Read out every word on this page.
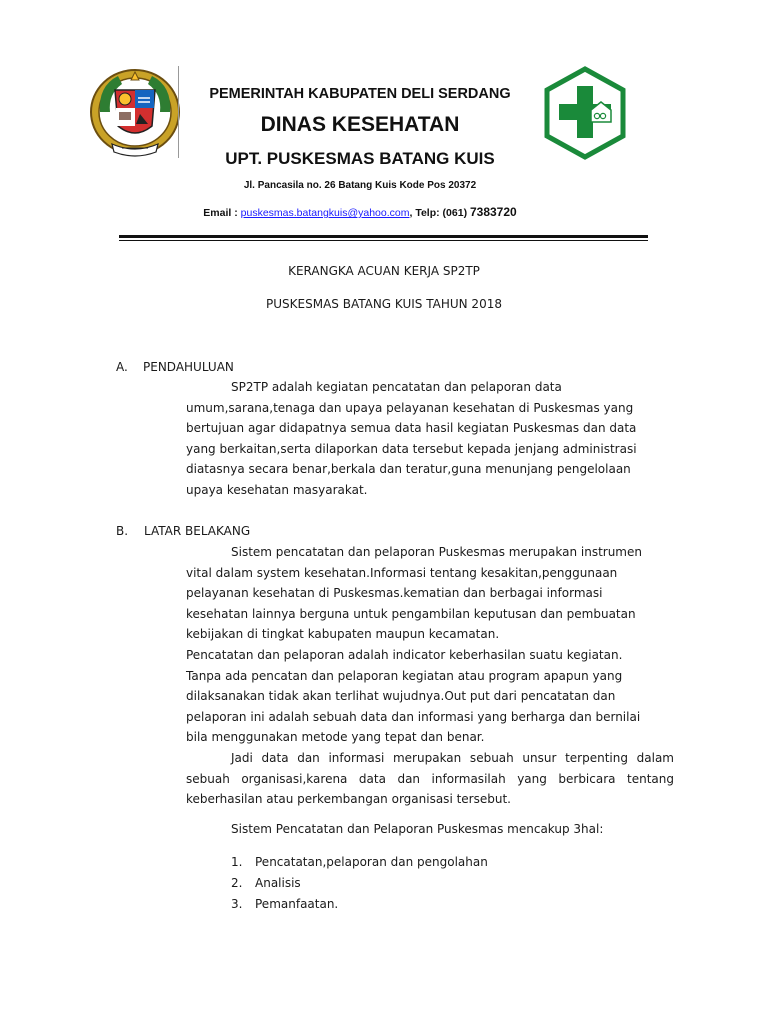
PEMERINTAH KABUPATEN DELI SERDANG
DINAS KESEHATAN
UPT. PUSKESMAS BATANG KUIS
Jl. Pancasila no. 26 Batang Kuis Kode Pos 20372
Email : puskesmas.batangkuis@yahoo.com, Telp: (061) 7383720
KERANGKA ACUAN KERJA SP2TP
PUSKESMAS BATANG KUIS TAHUN 2018
A. PENDAHULUAN
SP2TP adalah kegiatan pencatatan dan pelaporan data
umum,sarana,tenaga dan upaya pelayanan kesehatan di Puskesmas yang
bertujuan agar didapatnya semua data hasil kegiatan Puskesmas dan data
yang berkaitan,serta dilaporkan data tersebut kepada jenjang administrasi
diatasnya secara benar,berkala dan teratur,guna menunjang pengelolaan
upaya kesehatan masyarakat.
B. LATAR BELAKANG
Sistem pencatatan dan pelaporan Puskesmas merupakan instrumen
vital dalam system kesehatan.Informasi tentang kesakitan,penggunaan
pelayanan kesehatan di Puskesmas.kematian dan berbagai informasi
kesehatan lainnya berguna untuk pengambilan keputusan dan pembuatan
kebijakan di tingkat kabupaten maupun kecamatan.
Pencatatan dan pelaporan adalah indicator keberhasilan suatu kegiatan.
Tanpa ada pencatan dan pelaporan kegiatan atau program apapun yang
dilaksanakan tidak akan terlihat wujudnya.Out put dari pencatatan dan
pelaporan ini adalah sebuah data dan informasi yang berharga dan bernilai
bila menggunakan metode yang tepat dan benar.
Jadi data dan informasi merupakan sebuah unsur terpenting dalam
sebuah organisasi,karena data dan informasilah yang berbicara tentang
keberhasilan atau perkembangan organisasi tersebut.
Sistem Pencatatan dan Pelaporan Puskesmas mencakup 3hal:
1. Pencatatan,pelaporan dan pengolahan
2. Analisis
3. Pemanfaatan.
